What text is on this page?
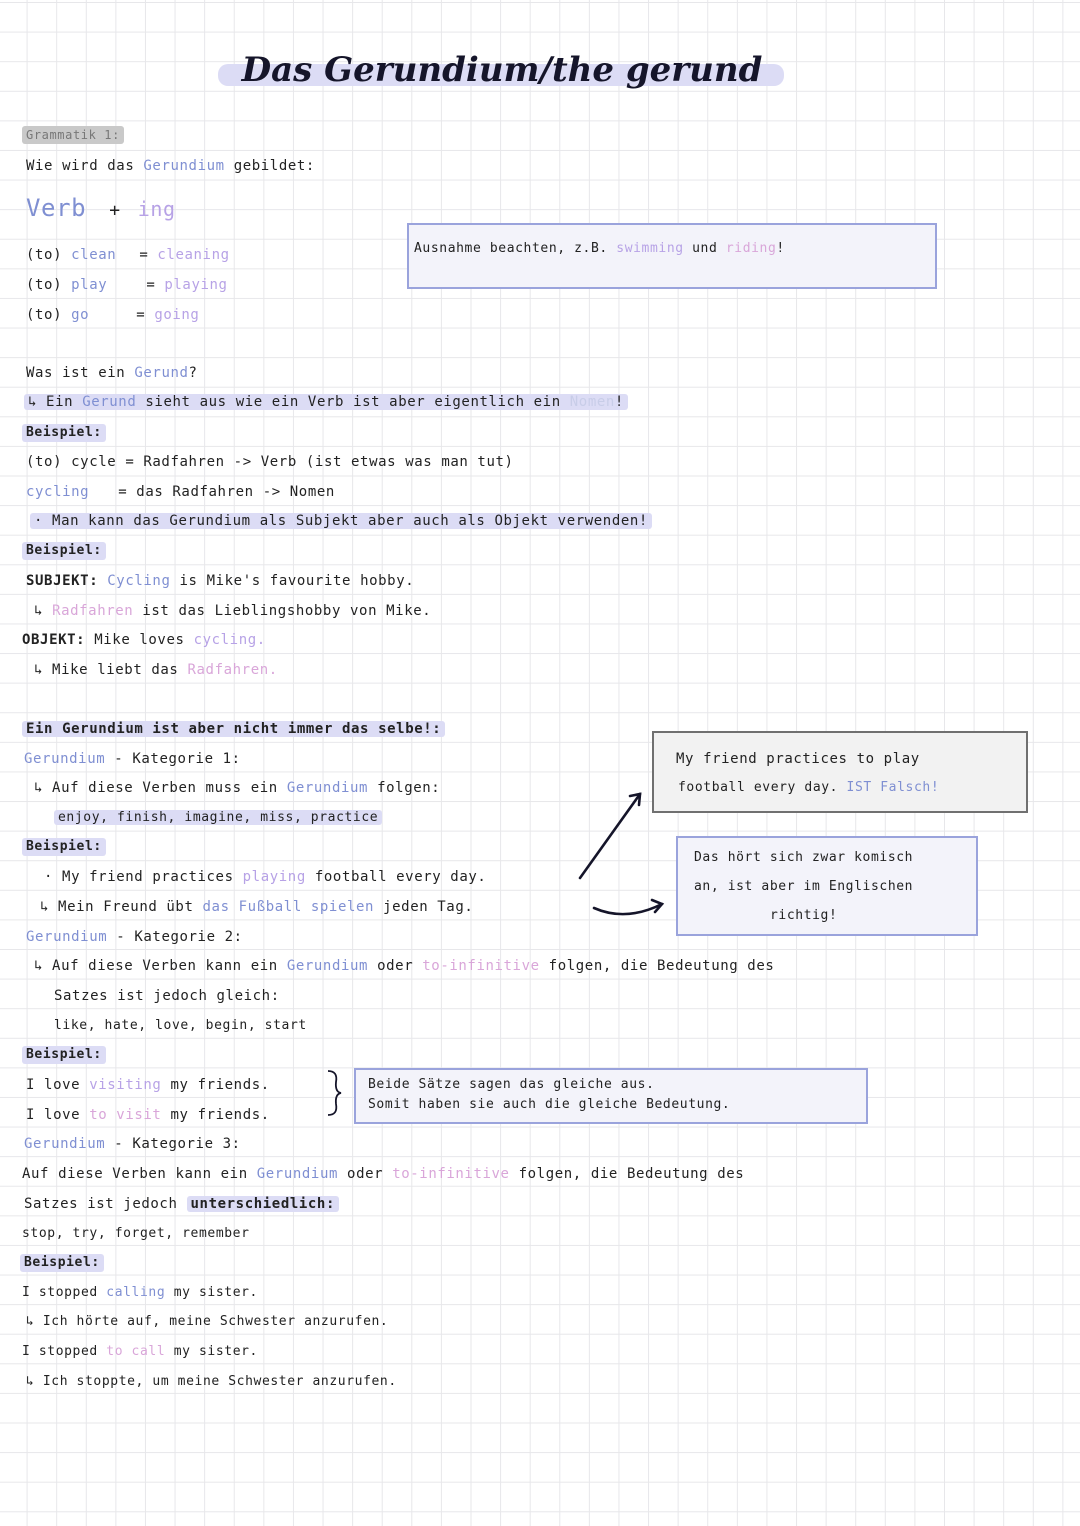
Das Gerundium/the gerund
Grammatik 1:
Wie wird das Gerundium gebildet:
Verb + ing
(to) clean = cleaning
(to) play	= playing
(to) go	= going
Ausnahme beachten, z.B. swimming und riding!
Was ist ein Gerund?
↳ Ein Gerund sieht aus wie ein Verb ist aber eigentlich ein Nomen!
Beispiel:
(to) cycle = Radfahren -> Verb (ist etwas was man tut)
cycling = das Radfahren -> Nomen
· Man kann das Gerundium als Subjekt aber auch als Objekt verwenden!
Beispiel:
SUBJEKT: Cycling is Mike's favourite hobby.
↳ Radfahren ist das Lieblingshobby von Mike.
OBJEKT: Mike loves cycling.
↳ Mike liebt das Radfahren.
Ein Gerundium ist aber nicht immer das selbe!:
Gerundium - Kategorie 1:
↳ Auf diese Verben muss ein Gerundium folgen:
enjoy, finish, imagine, miss, practice
Beispiel:
· My friend practices playing football every day.
↳ Mein Freund übt das Fußball spielen jeden Tag.
My friend practices to play
football every day. IST Falsch!
Das hört sich zwar komisch
an, ist aber im Englischen
richtig!
Gerundium - Kategorie 2:
↳ Auf diese Verben kann ein Gerundium oder to-infinitive folgen, die Bedeutung des
Satzes ist jedoch gleich:
like, hate, love, begin, start
Beispiel:
I love visiting my friends.
I love to visit my friends.
Beide Sätze sagen das gleiche aus.
Somit haben sie auch die gleiche Bedeutung.
Gerundium - Kategorie 3:
Auf diese Verben kann ein Gerundium oder to-infinitive folgen, die Bedeutung des
Satzes ist jedoch unterschiedlich:
stop, try, forget, remember
Beispiel:
I stopped calling my sister.
↳ Ich hörte auf, meine Schwester anzurufen.
I stopped to call my sister.
↳ Ich stoppte, um meine Schwester anzurufen.
